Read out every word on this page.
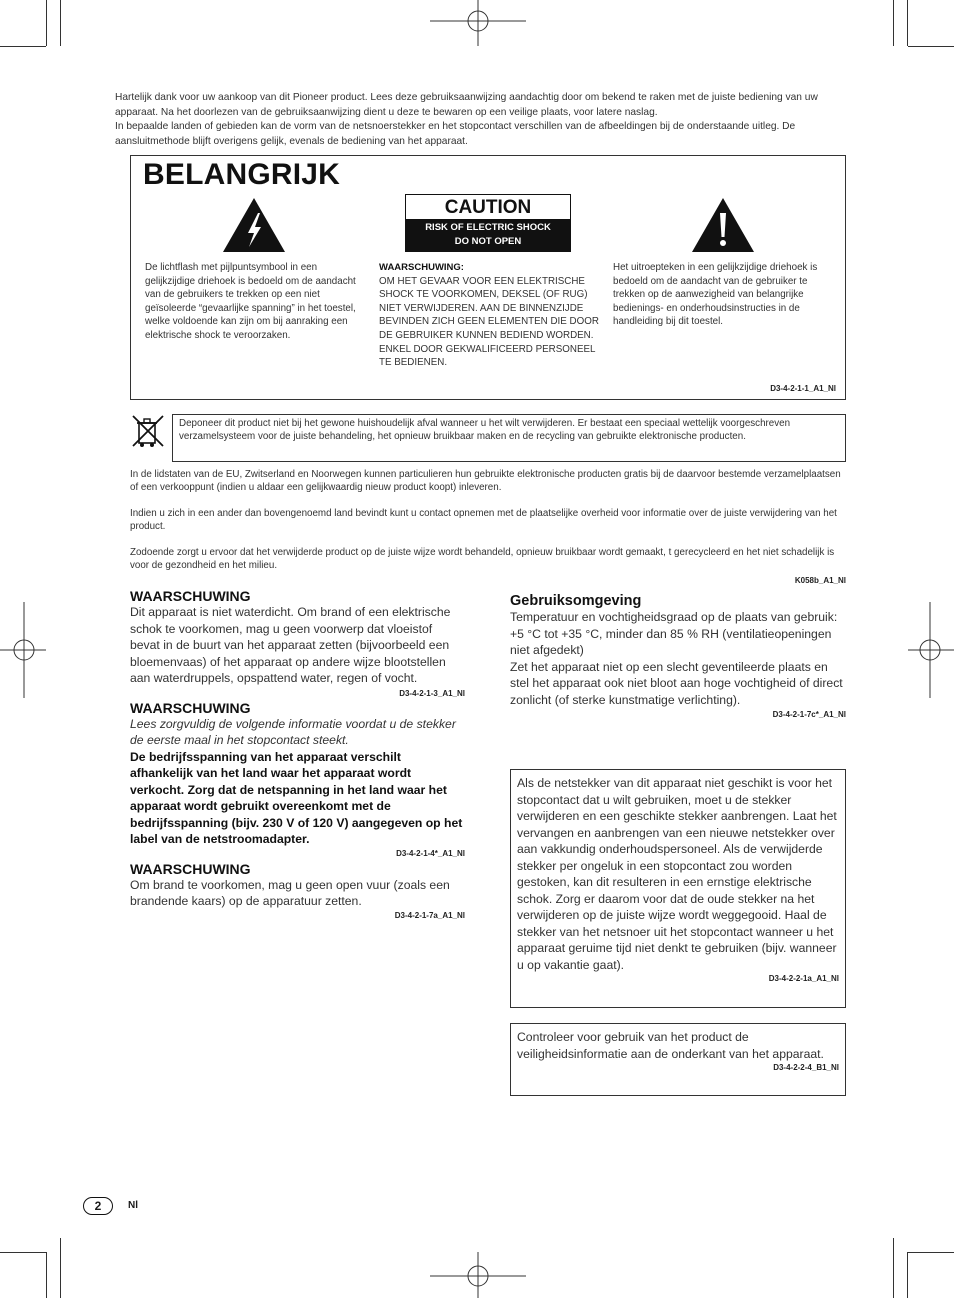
Hartelijk dank voor uw aankoop van dit Pioneer product. Lees deze gebruiksaanwijzing aandachtig door om bekend te raken met de juiste bediening van uw apparaat. Na het doorlezen van de gebruiksaanwijzing dient u deze te bewaren op een veilige plaats, voor latere naslag.
In bepaalde landen of gebieden kan de vorm van de netsnoerstekker en het stopcontact verschillen van de afbeeldingen bij de onderstaande uitleg. De aansluitmethode blijft overigens gelijk, evenals de bediening van het apparaat.
BELANGRIJK
CAUTION
RISK OF ELECTRIC SHOCK
DO NOT OPEN
De lichtflash met pijlpuntsymbool in een gelijkzijdige driehoek is bedoeld om de aandacht van de gebruikers te trekken op een niet geïsoleerde “gevaarlijke spanning” in het toestel, welke voldoende kan zijn om bij aanraking een elektrische shock te veroorzaken.
WAARSCHUWING:
OM HET GEVAAR VOOR EEN ELEKTRISCHE SHOCK TE VOORKOMEN, DEKSEL (OF RUG) NIET VERWIJDEREN. AAN DE BINNENZIJDE BEVINDEN ZICH GEEN ELEMENTEN DIE DOOR DE GEBRUIKER KUNNEN BEDIEND WORDEN. ENKEL DOOR GEKWALIFICEERD PERSONEEL TE BEDIENEN.
Het uitroepteken in een gelijkzijdige driehoek is bedoeld om de aandacht van de gebruiker te trekken op de aanwezigheid van belangrijke bedienings- en onderhoudsinstructies in de handleiding bij dit toestel.
D3-4-2-1-1_A1_Nl
Deponeer dit product niet bij het gewone huishoudelijk afval wanneer u het wilt verwijderen. Er bestaat een speciaal wettelijk voorgeschreven verzamelsysteem voor de juiste behandeling, het opnieuw bruikbaar maken en de recycling van gebruikte elektronische producten.
In de lidstaten van de EU, Zwitserland en Noorwegen kunnen particulieren hun gebruikte elektronische producten gratis bij de daarvoor bestemde verzamelplaatsen of een verkooppunt (indien u aldaar een gelijkwaardig nieuw product koopt) inleveren.
Indien u zich in een ander dan bovengenoemd land bevindt kunt u contact opnemen met de plaatselijke overheid voor informatie over de juiste verwijdering van het product.
Zodoende zorgt u ervoor dat het verwijderde product op de juiste wijze wordt behandeld, opnieuw bruikbaar wordt gemaakt, t gerecycleerd en het niet schadelijk is voor de gezondheid en het milieu.
K058b_A1_Nl
WAARSCHUWING
Dit apparaat is niet waterdicht. Om brand of een elektrische schok te voorkomen, mag u geen voorwerp dat vloeistof bevat in de buurt van het apparaat zetten (bijvoorbeeld een bloemenvaas) of het apparaat op andere wijze blootstellen aan waterdruppels, opspattend water, regen of vocht.
D3-4-2-1-3_A1_Nl
WAARSCHUWING
Lees zorgvuldig de volgende informatie voordat u de stekker de eerste maal in het stopcontact steekt.
De bedrijfsspanning van het apparaat verschilt afhankelijk van het land waar het apparaat wordt verkocht. Zorg dat de netspanning in het land waar het apparaat wordt gebruikt overeenkomt met de bedrijfsspanning (bijv. 230 V of 120 V) aangegeven op het label van de netstroomadapter.
D3-4-2-1-4*_A1_Nl
WAARSCHUWING
Om brand te voorkomen, mag u geen open vuur (zoals een brandende kaars) op de apparatuur zetten.
D3-4-2-1-7a_A1_Nl
Gebruiksomgeving
Temperatuur en vochtigheidsgraad op de plaats van gebruik:
+5 °C tot +35 °C, minder dan 85 % RH (ventilatieopeningen niet afgedekt)
Zet het apparaat niet op een slecht geventileerde plaats en stel het apparaat ook niet bloot aan hoge vochtigheid of direct zonlicht (of sterke kunstmatige verlichting).
D3-4-2-1-7c*_A1_Nl
Als de netstekker van dit apparaat niet geschikt is voor het stopcontact dat u wilt gebruiken, moet u de stekker verwijderen en een geschikte stekker aanbrengen. Laat het vervangen en aanbrengen van een nieuwe netstekker over aan vakkundig onderhoudspersoneel. Als de verwijderde stekker per ongeluk in een stopcontact zou worden gestoken, kan dit resulteren in een ernstige elektrische schok. Zorg er daarom voor dat de oude stekker na het verwijderen op de juiste wijze wordt weggegooid. Haal de stekker van het netsnoer uit het stopcontact wanneer u het apparaat geruime tijd niet denkt te gebruiken (bijv. wanneer u op vakantie gaat).
D3-4-2-2-1a_A1_Nl
Controleer voor gebruik van het product de veiligheidsinformatie aan de onderkant van het apparaat.
D3-4-2-2-4_B1_Nl
2	Nl
